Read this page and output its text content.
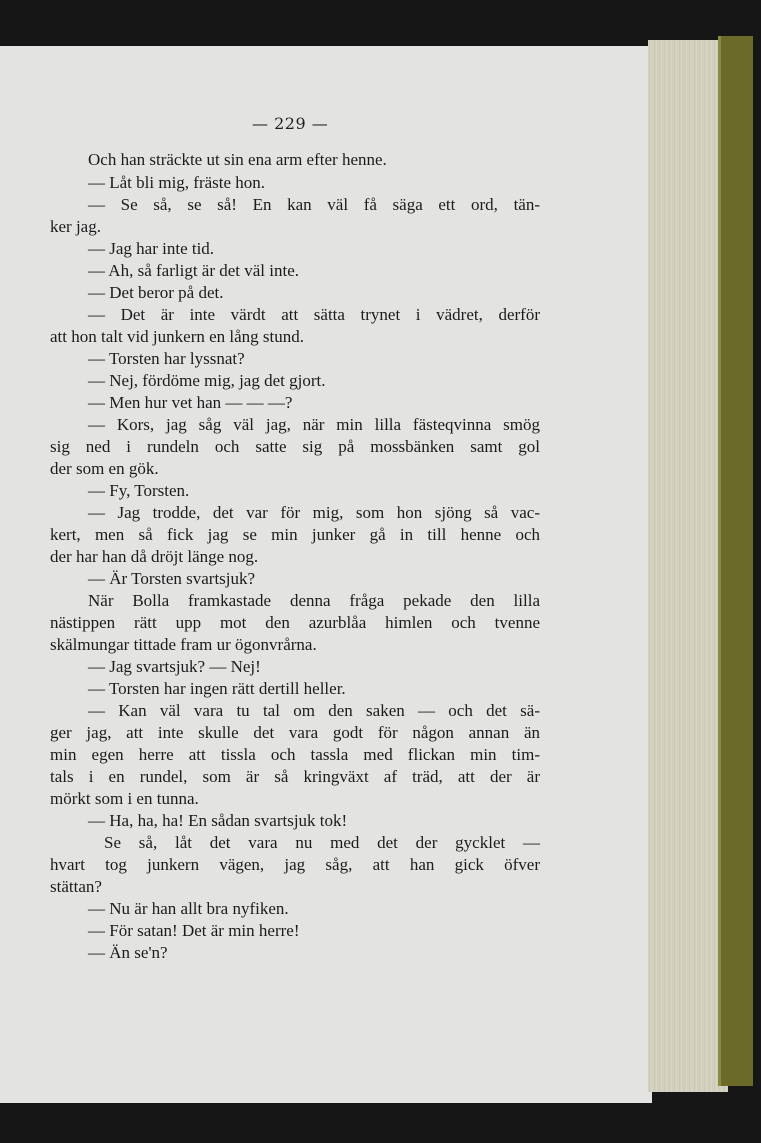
— 229 —
Och han sträckte ut sin ena arm efter henne.
— Låt bli mig, fräste hon.
— Se så, se så! En kan väl få säga ett ord, tän-
ker jag.
— Jag har inte tid.
— Ah, så farligt är det väl inte.
— Det beror på det.
— Det är inte värdt att sätta trynet i vädret, derför
att hon talt vid junkern en lång stund.
— Torsten har lyssnat?
— Nej, fördöme mig, jag det gjort.
— Men hur vet han — — —?
— Kors, jag såg väl jag, när min lilla fästeqvinna smög
sig ned i rundeln och satte sig på mossbänken samt gol
der som en gök.
— Fy, Torsten.
— Jag trodde, det var för mig, som hon sjöng så vac-
kert, men så fick jag se min junker gå in till henne och
der har han då dröjt länge nog.
— Är Torsten svartsjuk?
När Bolla framkastade denna fråga pekade den lilla
nästippen rätt upp mot den azurblåa himlen och tvenne
skälmungar tittade fram ur ögonvrårna.
— Jag svartsjuk? — Nej!
— Torsten har ingen rätt dertill heller.
— Kan väl vara tu tal om den saken — och det sä-
ger jag, att inte skulle det vara godt för någon annan än
min egen herre att tissla och tassla med flickan min tim-
tals i en rundel, som är så kringväxt af träd, att der är
mörkt som i en tunna.
— Ha, ha, ha! En sådan svartsjuk tok!
Se så, låt det vara nu med det der gycklet —
hvart tog junkern vägen, jag såg, att han gick öfver
stättan?
— Nu är han allt bra nyfiken.
— För satan! Det är min herre!
— Än se'n?
